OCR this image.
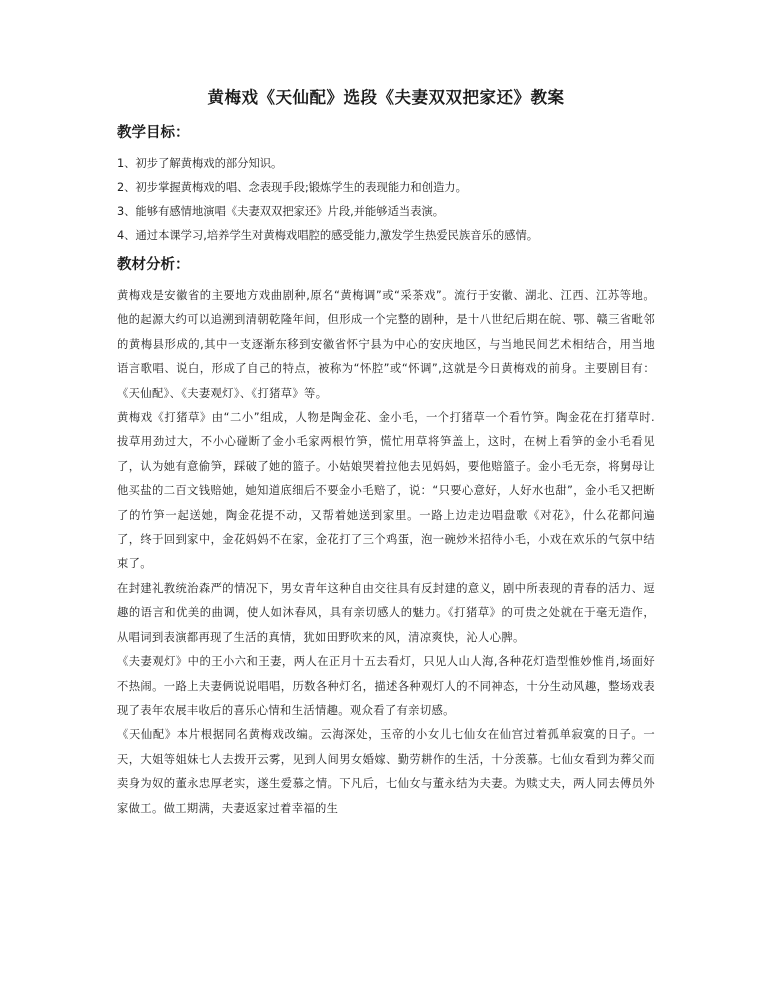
黄梅戏《天仙配》选段《夫妻双双把家还》教案
教学目标：
1、初步了解黄梅戏的部分知识。
2、初步掌握黄梅戏的唱、念表现手段;锻炼学生的表现能力和创造力。
3、能够有感情地演唱《夫妻双双把家还》片段,并能够适当表演。
4、通过本课学习,培养学生对黄梅戏唱腔的感受能力,激发学生热爱民族音乐的感情。
教材分析：

黄梅戏是安徽省的主要地方戏曲剧种,原名“黄梅调”或“采茶戏”。流行于安徽、湖北、江西、江苏等地。他的起源大约可以追溯到清朝乾隆年间，但形成一个完整的剧种，是十八世纪后期在皖、鄂、赣三省毗邻的黄梅县形成的,其中一支逐渐东移到安徽省怀宁县为中心的安庆地区，与当地民间艺术相结合，用当地语言歌唱、说白，形成了自己的特点，被称为“怀腔”或“怀调”,这就是今日黄梅戏的前身。主要剧目有：《天仙配》、《夫妻观灯》、《打猪草》等。

黄梅戏《打猪草》由“二小”组成，人物是陶金花、金小毛，一个打猪草一个看竹笋。陶金花在打猪草时.拔草用劲过大，不小心碰断了金小毛家两根竹笋，慌忙用草将笋盖上，这时，在树上看笋的金小毛看见了，认为她有意偷笋，踩破了她的篮子。小姑娘哭着拉他去见妈妈，要他赔篮子。金小毛无奈，将舅母让他买盐的二百文钱赔她，她知道底细后不要金小毛赔了，说：“只要心意好，人好水也甜”，金小毛又把断了的竹笋一起送她，陶金花提不动，又帮着她送到家里。一路上边走边唱盘歌《对花》，什么花都问遍了，终于回到家中，金花妈妈不在家，金花打了三个鸡蛋，泡一碗炒米招待小毛，小戏在欢乐的气氛中结束了。

在封建礼教统治森严的情况下，男女青年这种自由交往具有反封建的意义，剧中所表现的青春的活力、逗趣的语言和优美的曲调，使人如沐春风，具有亲切感人的魅力。《打猪草》的可贵之处就在于毫无造作，从唱词到表演都再现了生活的真情，犹如田野吹来的风，清凉爽快，沁人心脾。

《夫妻观灯》中的王小六和王妻，两人在正月十五去看灯，只见人山人海,各种花灯造型惟妙惟肖,场面好不热闹。一路上夫妻俩说说唱唱，历数各种灯名，描述各种观灯人的不同神态，十分生动风趣，整场戏表现了表年农展丰收后的喜乐心情和生活情趣。观众看了有亲切感。

《天仙配》本片根据同名黄梅戏改编。云海深处，玉帝的小女儿七仙女在仙宫过着孤单寂寞的日子。一天，大姐等姐妹七人去拨开云雾，见到人间男女婚嫁、勤劳耕作的生活，十分羡慕。七仙女看到为葬父而卖身为奴的董永忠厚老实，遂生爱慕之情。下凡后，七仙女与董永结为夫妻。为赎丈夫，两人同去傅员外家做工。做工期满，夫妻返家过着幸福的生
